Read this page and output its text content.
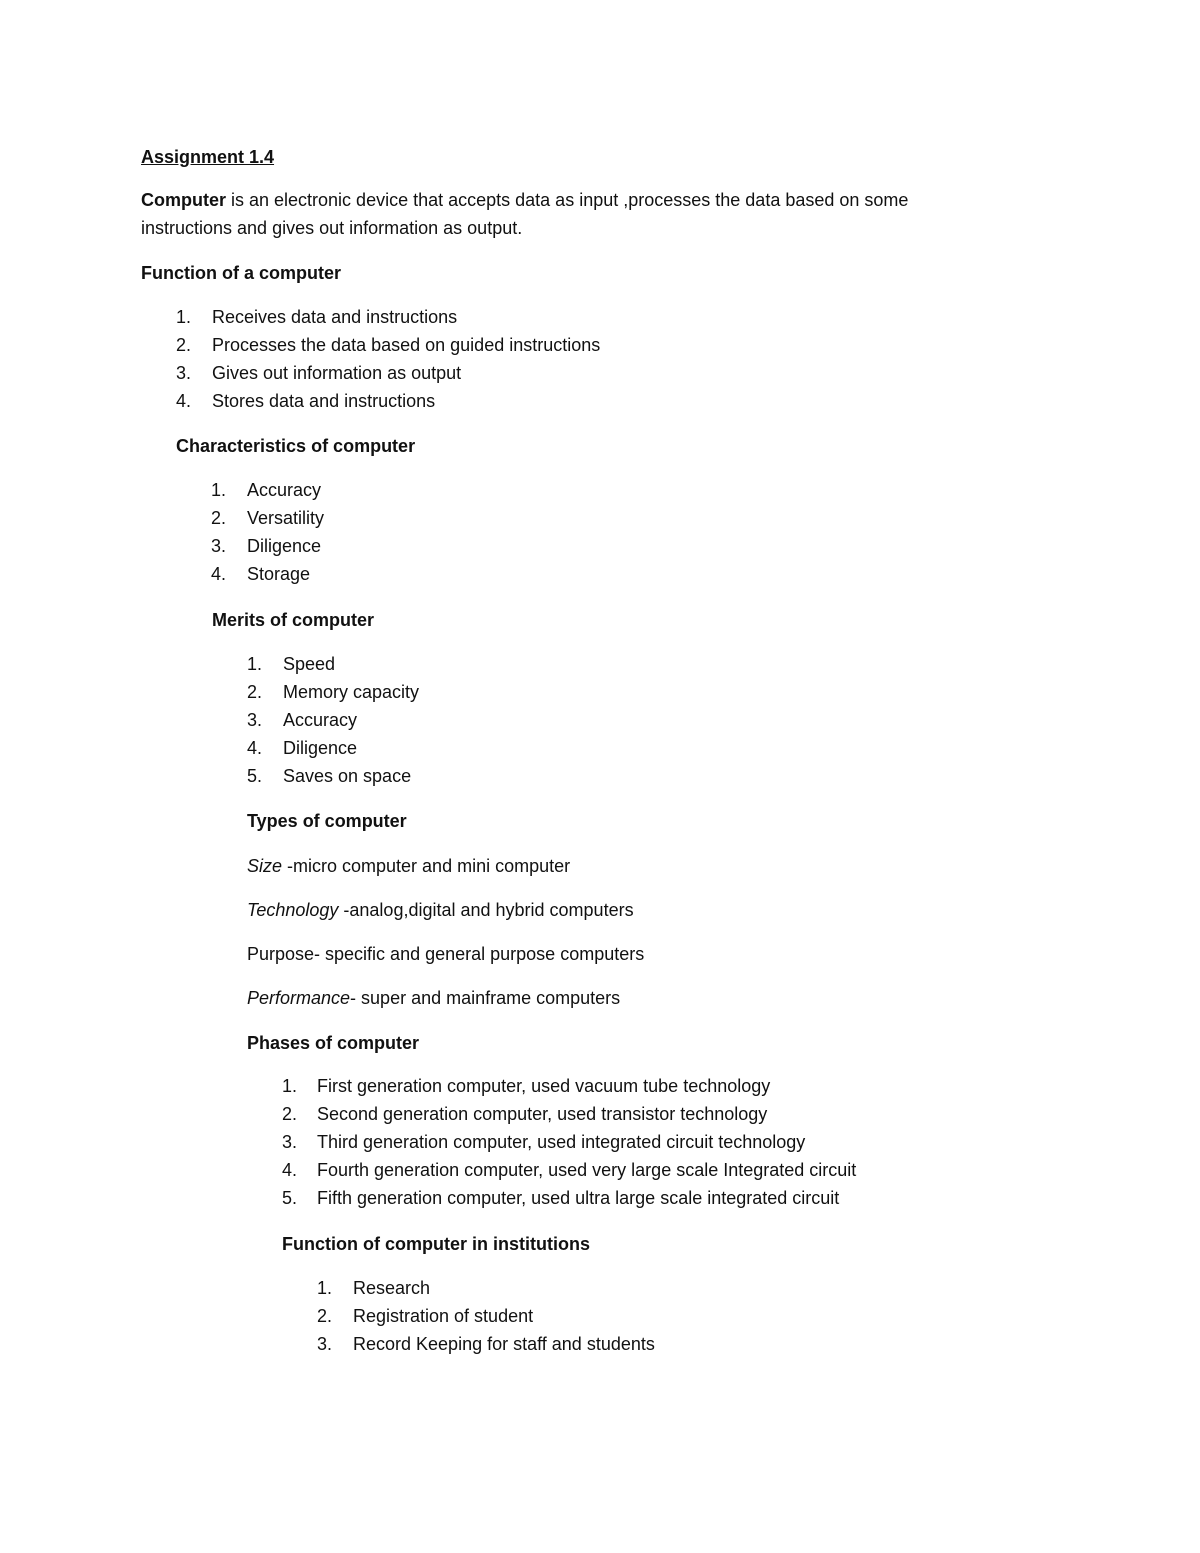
Assignment 1.4
Computer is an electronic device that accepts data as input ,processes the data based on some
instructions and gives out information as output.
Function of a computer
1. Receives data and instructions
2. Processes the data based on guided instructions
3. Gives out information as output
4. Stores data and instructions
Characteristics of computer
1. Accuracy
2. Versatility
3. Diligence
4. Storage
Merits of computer
1. Speed
2. Memory capacity
3. Accuracy
4. Diligence
5. Saves on space
Types of computer
Size -micro computer and mini computer
Technology -analog,digital and hybrid computers
Purpose- specific and general purpose computers
Performance- super and mainframe computers
Phases of computer
1. First generation computer, used vacuum tube technology
2. Second generation computer, used transistor technology
3. Third generation computer, used integrated circuit technology
4. Fourth generation computer, used very large scale Integrated circuit
5. Fifth generation computer, used ultra large scale integrated circuit
Function of computer in institutions
1. Research
2. Registration of student
3. Record Keeping for staff and students
